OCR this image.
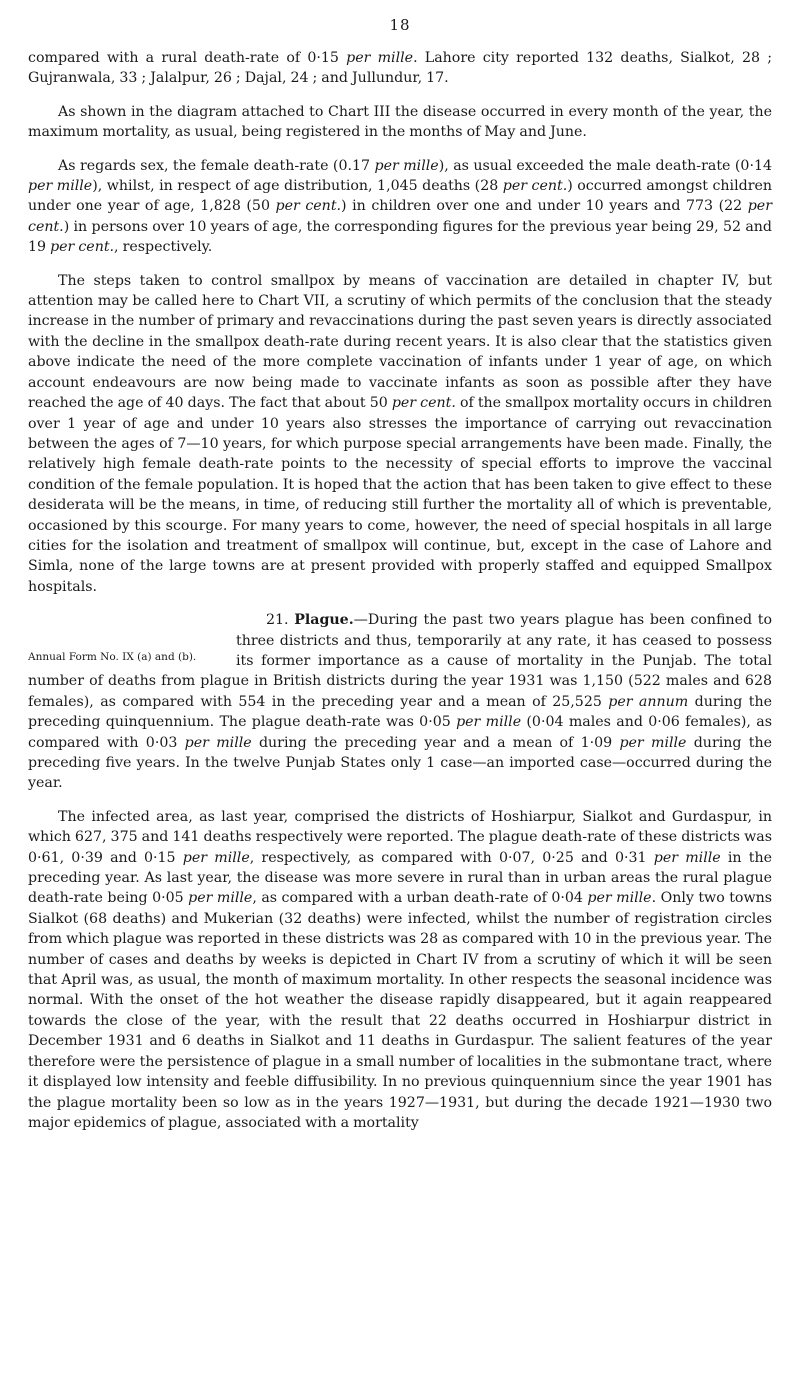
18

compared with a rural death-rate of 0·15 per mille. Lahore city reported 132 deaths, Sialkot, 28 ; Gujranwala, 33 ; Jalalpur, 26 ; Dajal, 24 ; and Jullundur, 17.

As shown in the diagram attached to Chart III the disease occurred in every month of the year, the maximum mortality, as usual, being registered in the months of May and June.

As regards sex, the female death-rate (0.17 per mille), as usual exceeded the male death-rate (0·14 per mille), whilst, in respect of age distribution, 1,045 deaths (28 per cent.) occurred amongst children under one year of age, 1,828 (50 per cent.) in children over one and under 10 years and 773 (22 per cent.) in persons over 10 years of age, the corresponding figures for the previous year being 29, 52 and 19 per cent., respectively.

The steps taken to control smallpox by means of vaccination are detailed in chapter IV, but attention may be called here to Chart VII, a scrutiny of which permits of the conclusion that the steady increase in the number of primary and revaccinations during the past seven years is directly associated with the decline in the smallpox death-rate during recent years. It is also clear that the statistics given above indicate the need of the more complete vaccination of infants under 1 year of age, on which account endeavours are now being made to vaccinate infants as soon as possible after they have reached the age of 40 days. The fact that about 50 per cent. of the smallpox mortality occurs in children over 1 year of age and under 10 years also stresses the importance of carrying out revaccination between the ages of 7—10 years, for which purpose special arrangements have been made. Finally, the relatively high female death-rate points to the necessity of special efforts to improve the vaccinal condition of the female population. It is hoped that the action that has been taken to give effect to these desiderata will be the means, in time, of reducing still further the mortality all of which is preventable, occasioned by this scourge. For many years to come, however, the need of special hospitals in all large cities for the isolation and treatment of smallpox will continue, but, except in the case of Lahore and Simla, none of the large towns are at present provided with properly staffed and equipped Smallpox hospitals.

Annual Form No. IX (a) and (b).

21. Plague.—During the past two years plague has been confined to three districts and thus, temporarily at any rate, it has ceased to possess its former importance as a cause of mortality in the Punjab. The total number of deaths from plague in British districts during the year 1931 was 1,150 (522 males and 628 females), as compared with 554 in the preceding year and a mean of 25,525 per annum during the preceding quinquennium. The plague death-rate was 0·05 per mille (0·04 males and 0·06 females), as compared with 0·03 per mille during the preceding year and a mean of 1·09 per mille during the preceding five years. In the twelve Punjab States only 1 case—an imported case—occurred during the year.

The infected area, as last year, comprised the districts of Hoshiarpur, Sialkot and Gurdaspur, in which 627, 375 and 141 deaths respectively were reported. The plague death-rate of these districts was 0·61, 0·39 and 0·15 per mille, respectively, as compared with 0·07, 0·25 and 0·31 per mille in the preceding year. As last year, the disease was more severe in rural than in urban areas the rural plague death-rate being 0·05 per mille, as compared with a urban death-rate of 0·04 per mille. Only two towns Sialkot (68 deaths) and Mukerian (32 deaths) were infected, whilst the number of registration circles from which plague was reported in these districts was 28 as compared with 10 in the previous year. The number of cases and deaths by weeks is depicted in Chart IV from a scrutiny of which it will be seen that April was, as usual, the month of maximum mortality. In other respects the seasonal incidence was normal. With the onset of the hot weather the disease rapidly disappeared, but it again reappeared towards the close of the year, with the result that 22 deaths occurred in Hoshiarpur district in December 1931 and 6 deaths in Sialkot and 11 deaths in Gurdaspur. The salient features of the year therefore were the persistence of plague in a small number of localities in the submontane tract, where it displayed low intensity and feeble diffusibility. In no previous quinquennium since the year 1901 has the plague mortality been so low as in the years 1927—1931, but during the decade 1921—1930 two major epidemics of plague, associated with a mortality
